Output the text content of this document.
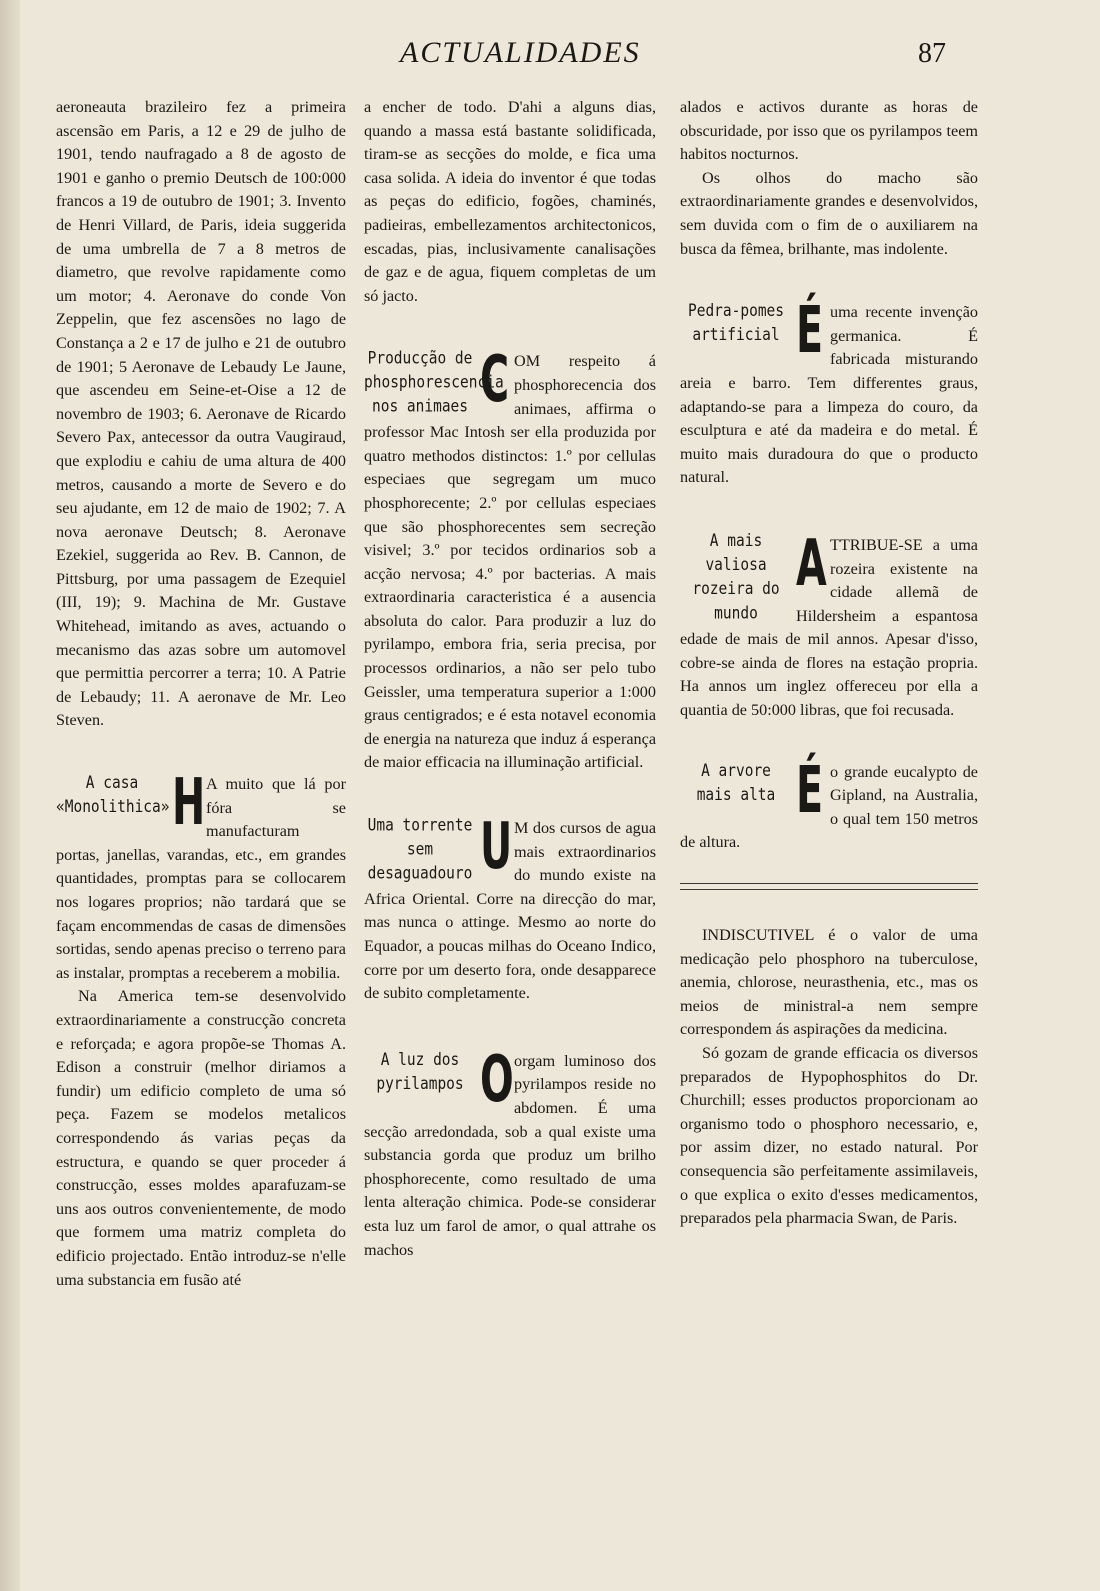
ACTUALIDADES	87

aeroneauta brazileiro fez a primeira ascensão em Paris, a 12 e 29 de julho de 1901, tendo naufragado a 8 de agosto de 1901 e ganho o premio Deutsch de 100:000 francos a 19 de outubro de 1901; 3. Invento de Henri Villard, de Paris, ideia suggerida de uma umbrella de 7 a 8 metros de diametro, que revolve rapidamente como um motor; 4. Aeronave do conde Von Zeppelin, que fez ascensões no lago de Constança a 2 e 17 de julho e 21 de outubro de 1901; 5 Aeronave de Lebaudy Le Jaune, que ascendeu em Seine-et-Oise a 12 de novembro de 1903; 6. Aeronave de Ricardo Severo Pax, antecessor da outra Vaugiraud, que explodiu e cahiu de uma altura de 400 metros, causando a morte de Severo e do seu ajudante, em 12 de maio de 1902; 7. A nova aeronave Deutsch; 8. Aeronave Ezekiel, suggerida ao Rev. B. Cannon, de Pittsburg, por uma passagem de Ezequiel (III, 19); 9. Machina de Mr. Gustave Whitehead, imitando as aves, actuando o mecanismo das azas sobre um automovel que permittia percorrer a terra; 10. A Patrie de Lebaudy; 11. A aeronave de Mr. Leo Steven.

A casa «Monolithica» H A muito que lá por fóra se manufacturam portas, janellas, varandas, etc., em grandes quantidades, promptas para se collocarem nos logares proprios; não tardará que se façam encommendas de casas de dimensões sortidas, sendo apenas preciso o terreno para as instalar, promptas a receberem a mobilia.

Na America tem-se desenvolvido extraordinariamente a construcção concreta e reforçada; e agora propõe-se Thomas A. Edison a construir (melhor diriamos a fundir) um edificio completo de uma só peça. Fazem se modelos metalicos correspondendo ás varias peças da estructura, e quando se quer proceder á construcção, esses moldes aparafuzam-se uns aos outros convenientemente, de modo que formem uma matriz completa do edificio projectado. Então introduz-se n'elle uma substancia em fusão até

a encher de todo. D'ahi a alguns dias, quando a massa está bastante solidificada, tiram-se as secções do molde, e fica uma casa solida. A ideia do inventor é que todas as peças do edificio, fogões, chaminés, padieiras, embellezamentos architectonicos, escadas, pias, inclusivamente canalisações de gaz e de agua, fiquem completas de um só jacto.

Producção de phosphorescencia nos animaes C OM respeito á phosphorecencia dos animaes, affirma o professor Mac Intosh ser ella produzida por quatro methodos distinctos: 1.º por cellulas especiaes que segregam um muco phosphorecente; 2.º por cellulas especiaes que são phosphorecentes sem secreção visivel; 3.º por tecidos ordinarios sob a acção nervosa; 4.º por bacterias. A mais extraordinaria caracteristica é a ausencia absoluta do calor. Para produzir a luz do pyrilampo, embora fria, seria precisa, por processos ordinarios, a não ser pelo tubo Geissler, uma temperatura superior a 1:000 graus centigrados; e é esta notavel economia de energia na natureza que induz á esperança de maior efficacia na illuminação artificial.

Uma torrente sem desaguadouro U M dos cursos de agua mais extraordinarios do mundo existe na Africa Oriental. Corre na direcção do mar, mas nunca o attinge. Mesmo ao norte do Equador, a poucas milhas do Oceano Indico, corre por um deserto fora, onde desapparece de subito completamente.

A luz dos pyrilampos O orgam luminoso dos pyrilampos reside no abdomen. É uma secção arredondada, sob a qual existe uma substancia gorda que produz um brilho phosphorecente, como resultado de uma lenta alteração chimica. Pode-se considerar esta luz um farol de amor, o qual attrahe os machos

alados e activos durante as horas de obscuridade, por isso que os pyrilampos teem habitos nocturnos.

Os olhos do macho são extraordinariamente grandes e desenvolvidos, sem duvida com o fim de o auxiliarem na busca da fêmea, brilhante, mas indolente.

Pedra-pomes artificial É uma recente invenção germanica. É fabricada misturando areia e barro. Tem differentes graus, adaptando-se para a limpeza do couro, da esculptura e até da madeira e do metal. É muito mais duradoura do que o producto natural.

A mais valiosa rozeira do mundo
A TTRIBUE-SE a uma rozeira existente na cidade allemã de Hildersheim a espantosa edade de mais de mil annos. Apesar d'isso, cobre-se ainda de flores na estação propria. Ha annos um inglez offereceu por ella a quantia de 50:000 libras, que foi recusada.

A arvore mais alta É o grande eucalypto de Gipland, na Australia, o qual tem 150 metros de altura.

INDISCUTIVEL é o valor de uma medicação pelo phosphoro na tuberculose, anemia, chlorose, neurasthenia, etc., mas os meios de ministral-a nem sempre correspondem ás aspirações da medicina.

Só gozam de grande efficacia os diversos preparados de Hypophosphitos do Dr. Churchill; esses productos proporcionam ao organismo todo o phosphoro necessario, e, por assim dizer, no estado natural. Por consequencia são perfeitamente assimilaveis, o que explica o exito d'esses medicamentos, preparados pela pharmacia Swan, de Paris.
